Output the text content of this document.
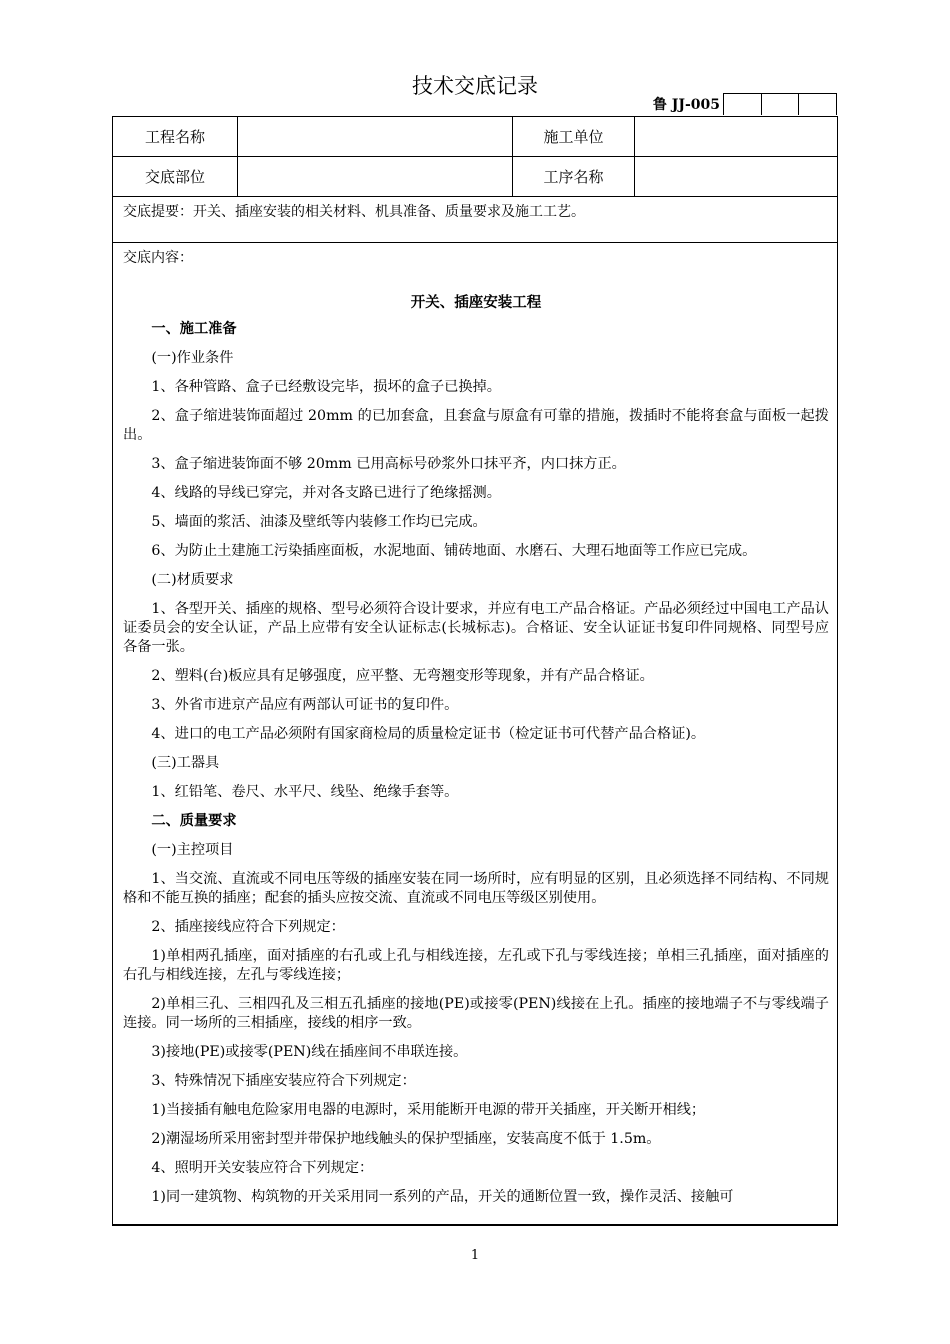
技术交底记录
鲁 JJ-005
工程名称	施工单位
交底部位	工序名称
交底提要：开关、插座安装的相关材料、机具准备、质量要求及施工工艺。
交底内容：
开关、插座安装工程
一、施工准备
(一)作业条件
1、各种管路、盒子已经敷设完毕，损坏的盒子已换掉。
2、盒子缩进装饰面超过 20mm 的已加套盒，且套盒与原盒有可靠的措施，拨插时不能将套盒与面板一起拨出。
3、盒子缩进装饰面不够 20mm 已用高标号砂浆外口抹平齐，内口抹方正。
4、线路的导线已穿完，并对各支路已进行了绝缘摇测。
5、墙面的浆活、油漆及壁纸等内装修工作均已完成。
6、为防止土建施工污染插座面板，水泥地面、铺砖地面、水磨石、大理石地面等工作应已完成。
(二)材质要求
1、各型开关、插座的规格、型号必须符合设计要求，并应有电工产品合格证。产品必须经过中国电工产品认证委员会的安全认证，产品上应带有安全认证标志(长城标志)。合格证、安全认证证书复印件同规格、同型号应各备一张。
2、塑料(台)板应具有足够强度，应平整、无弯翘变形等现象，并有产品合格证。
3、外省市进京产品应有两部认可证书的复印件。
4、进口的电工产品必须附有国家商检局的质量检定证书（检定证书可代替产品合格证)。
(三)工器具
1、红铅笔、卷尺、水平尺、线坠、绝缘手套等。
二、质量要求
(一)主控项目
1、当交流、直流或不同电压等级的插座安装在同一场所时，应有明显的区别，且必须选择不同结构、不同规格和不能互换的插座；配套的插头应按交流、直流或不同电压等级区别使用。
2、插座接线应符合下列规定：
1)单相两孔插座，面对插座的右孔或上孔与相线连接，左孔或下孔与零线连接；单相三孔插座，面对插座的右孔与相线连接，左孔与零线连接；
2)单相三孔、三相四孔及三相五孔插座的接地(PE)或接零(PEN)线接在上孔。插座的接地端子不与零线端子连接。同一场所的三相插座，接线的相序一致。
3)接地(PE)或接零(PEN)线在插座间不串联连接。
3、特殊情况下插座安装应符合下列规定：
1)当接插有触电危险家用电器的电源时，采用能断开电源的带开关插座，开关断开相线；
2)潮湿场所采用密封型并带保护地线触头的保护型插座，安装高度不低于 1.5m。
4、照明开关安装应符合下列规定：
1)同一建筑物、构筑物的开关采用同一系列的产品，开关的通断位置一致，操作灵活、接触可
1
